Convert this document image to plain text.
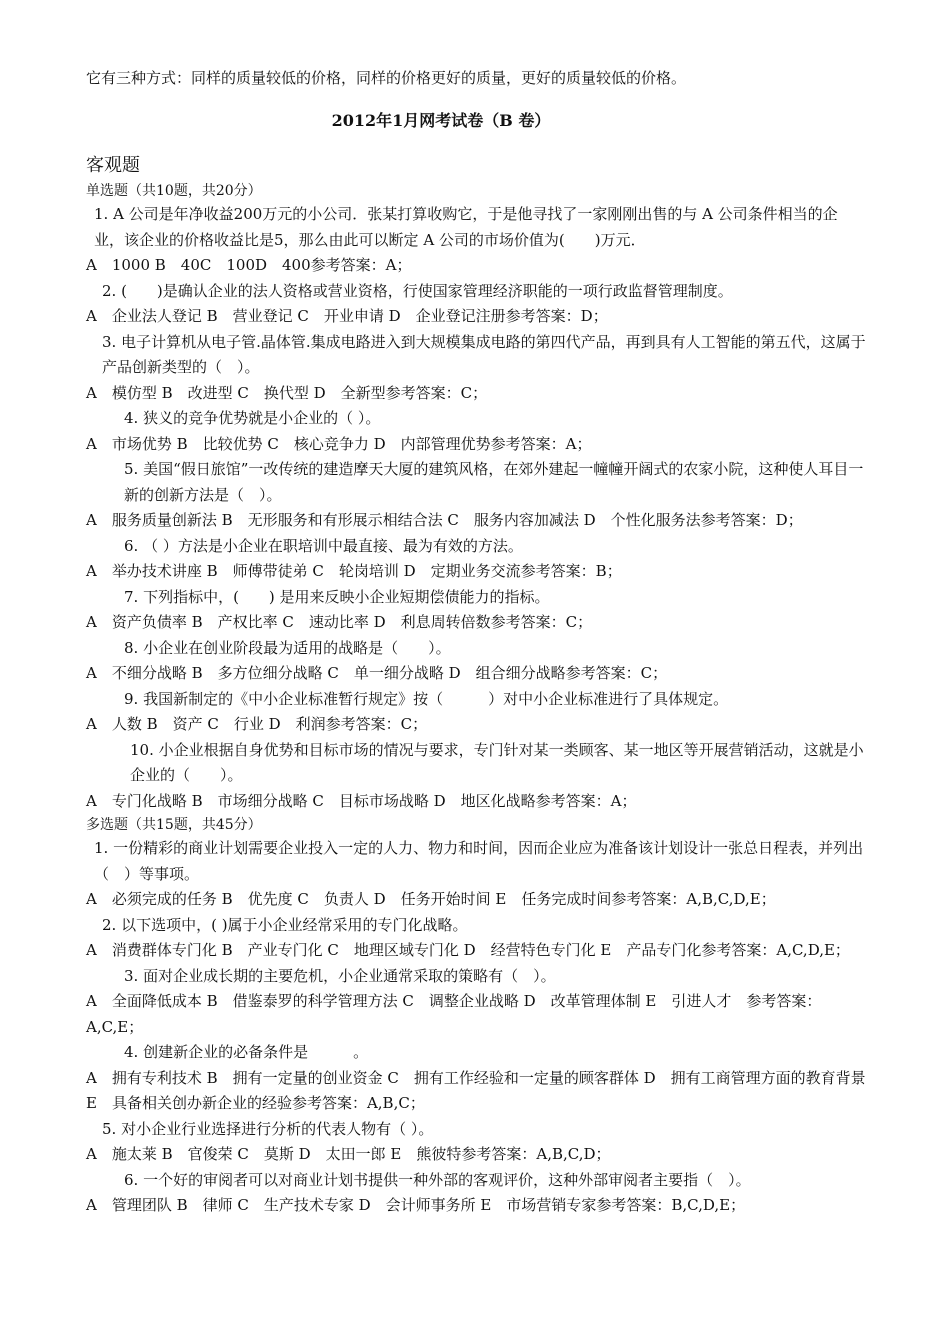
它有三种方式：同样的质量较低的价格，同样的价格更好的质量，更好的质量较低的价格。
2012年1月网考试卷（B 卷）
客观题
单选题（共10题，共20分）
1. A 公司是年净收益200万元的小公司．张某打算收购它，于是他寻找了一家刚刚出售的与 A 公司条件相当的企业，该企业的价格收益比是5，那么由此可以断定 A 公司的市场价值为(　　)万元．
A　1000 B　40C　100D　400参考答案：A；
2. (　　)是确认企业的法人资格或营业资格，行使国家管理经济职能的一项行政监督管理制度。
A　企业法人登记 B　营业登记 C　开业申请 D　企业登记注册参考答案：D；
3. 电子计算机从电子管.晶体管.集成电路进入到大规模集成电路的第四代产品，再到具有人工智能的第五代，这属于产品创新类型的（　）。
A　模仿型 B　改进型 C　换代型 D　全新型参考答案：C；
4. 狭义的竞争优势就是小企业的（ ）。
A　市场优势 B　比较优势 C　核心竞争力 D　内部管理优势参考答案：A；
5. 美国“假日旅馆”一改传统的建造摩天大厦的建筑风格，在郊外建起一幢幢开阔式的农家小院，这种使人耳目一新的创新方法是（　）。
A　服务质量创新法 B　无形服务和有形展示相结合法 C　服务内容加减法 D　个性化服务法参考答案：D；
6. （ ）方法是小企业在职培训中最直接、最为有效的方法。
A　举办技术讲座 B　师傅带徒弟 C　轮岗培训 D　定期业务交流参考答案：B；
7. 下列指标中，(　　) 是用来反映小企业短期偿债能力的指标。
A　资产负债率 B　产权比率 C　速动比率 D　利息周转倍数参考答案：C；
8. 小企业在创业阶段最为适用的战略是（　　）。
A　不细分战略 B　多方位细分战略 C　单一细分战略 D　组合细分战略参考答案：C；
9. 我国新制定的《中小企业标准暂行规定》按（　　　）对中小企业标准进行了具体规定。
A　人数 B　资产 C　行业 D　利润参考答案：C；
10. 小企业根据自身优势和目标市场的情况与要求，专门针对某一类顾客、某一地区等开展营销活动，这就是小企业的（　　）。
A　专门化战略 B　市场细分战略 C　目标市场战略 D　地区化战略参考答案：A；
多选题（共15题，共45分）
1. 一份精彩的商业计划需要企业投入一定的人力、物力和时间，因而企业应为准备该计划设计一张总日程表，并列出（　）等事项。
A　必须完成的任务 B　优先度 C　负责人 D　任务开始时间 E　任务完成时间参考答案：A,B,C,D,E；
2. 以下选项中，( )属于小企业经常采用的专门化战略。
A　消费群体专门化 B　产业专门化 C　地理区域专门化 D　经营特色专门化 E　产品专门化参考答案：A,C,D,E；
3. 面对企业成长期的主要危机，小企业通常采取的策略有（　）。
A　全面降低成本 B　借鉴泰罗的科学管理方法 C　调整企业战略 D　改革管理体制 E　引进人才　参考答案：A,C,E；
4. 创建新企业的必备条件是　　　。
A　拥有专利技术 B　拥有一定量的创业资金 C　拥有工作经验和一定量的顾客群体 D　拥有工商管理方面的教育背景 E　具备相关创办新企业的经验参考答案：A,B,C；
5. 对小企业行业选择进行分析的代表人物有（ ）。
A　施太莱 B　官俊荣 C　莫斯 D　太田一郎 E　熊彼特参考答案：A,B,C,D；
6. 一个好的审阅者可以对商业计划书提供一种外部的客观评价，这种外部审阅者主要指（　）。
A　管理团队 B　律师 C　生产技术专家 D　会计师事务所 E　市场营销专家参考答案：B,C,D,E；
